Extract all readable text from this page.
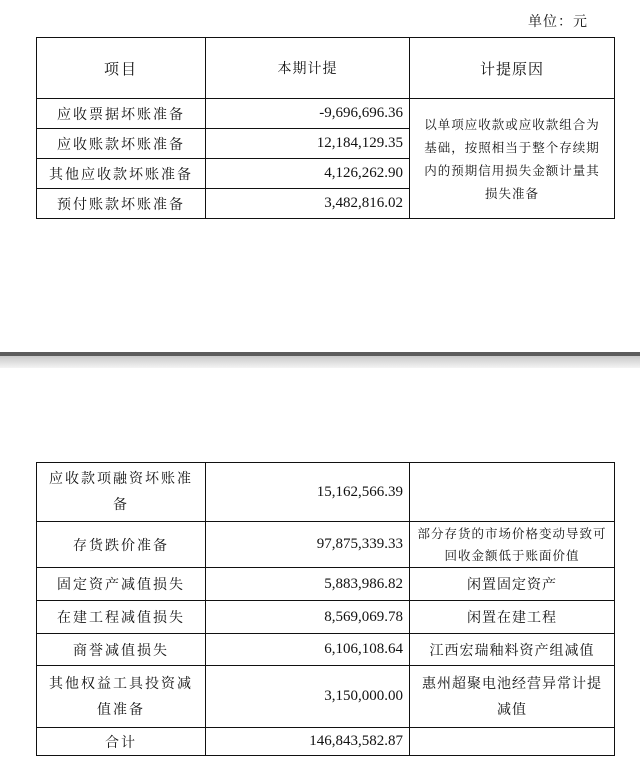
单位：元
项目	本期计提	计提原因
应收票据坏账准备	-9,696,696.36	以单项应收款或应收款组合为基础，按照相当于整个存续期内的预期信用损失金额计量其损失准备
应收账款坏账准备	12,184,129.35	
其他应收款坏账准备	4,126,262.90	
预付账款坏账准备	3,482,816.02	
应收款项融资坏账准备	15,162,566.39	
存货跌价准备	97,875,339.33	部分存货的市场价格变动导致可回收金额低于账面价值
固定资产减值损失	5,883,986.82	闲置固定资产
在建工程减值损失	8,569,069.78	闲置在建工程
商誉减值损失	6,106,108.64	江西宏瑞釉料资产组减值
其他权益工具投资减值准备	3,150,000.00	惠州超聚电池经营异常计提减值
合计	146,843,582.87	
